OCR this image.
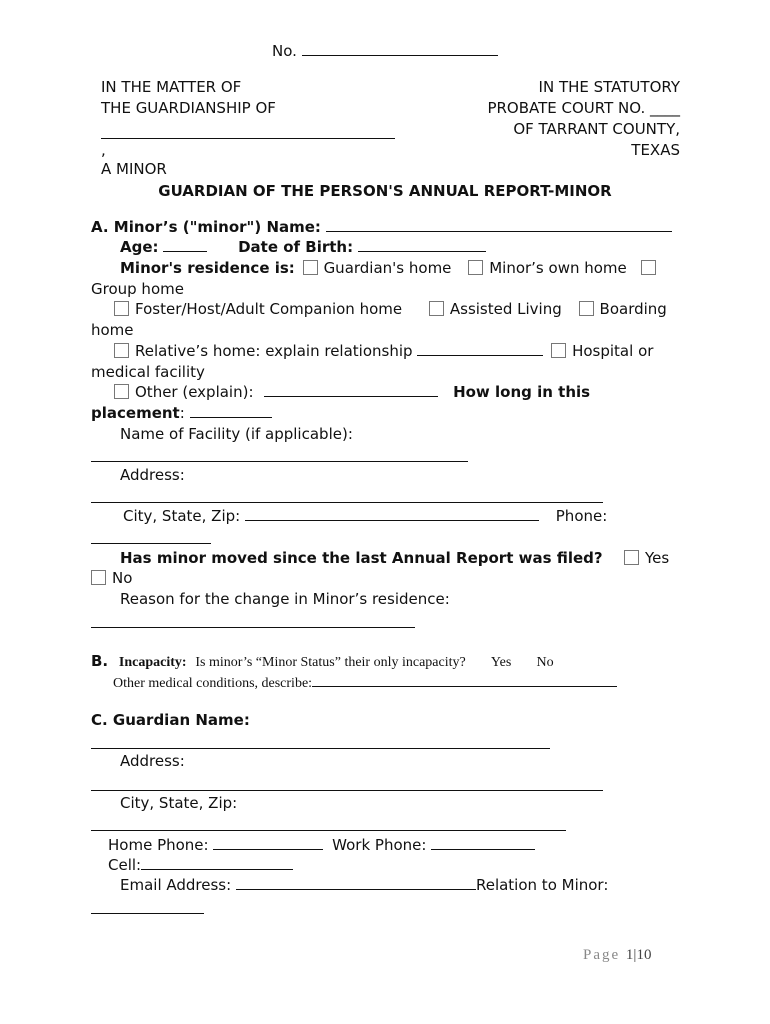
No.
IN THE MATTER OF
THE GUARDIANSHIP OF
,
A MINOR
IN THE STATUTORY
PROBATE COURT NO. ____
OF TARRANT COUNTY,
TEXAS
GUARDIAN OF THE PERSON'S ANNUAL REPORT-MINOR
A. Minor’s ("minor") Name:
Age:	Date of Birth:
Minor's residence is: Guardian's home	Minor’s own home
Group home
Foster/Host/Adult Companion home	Assisted Living	Boarding
home
Relative’s home: explain relationship	Hospital or
medical facility
Other (explain):	How long in this
placement:
Name of Facility (if applicable):
Address:
City, State, Zip:	Phone:
Has minor moved since the last Annual Report was filed?	Yes
No
Reason for the change in Minor’s residence:
B. Incapacity: Is minor’s “Minor Status” their only incapacity? Yes No
Other medical conditions, describe:
C. Guardian Name:
Address:
City, State, Zip:
Home Phone:	Work Phone:
Cell:
Email Address:	Relation to Minor:
Page 1|10
